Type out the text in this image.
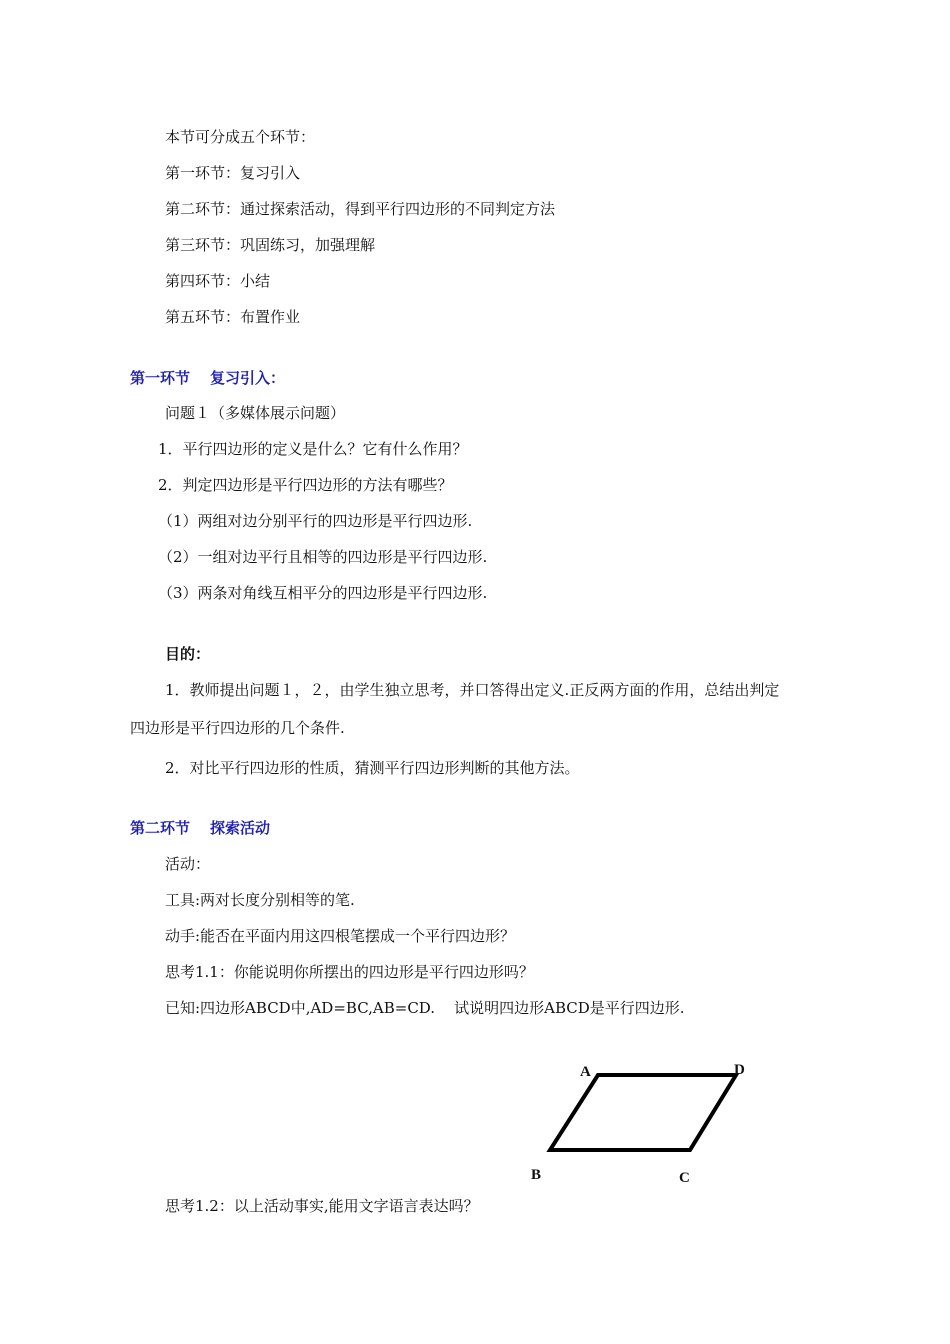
本节可分成五个环节：
第一环节：复习引入
第二环节：通过探索活动，得到平行四边形的不同判定方法
第三环节：巩固练习，加强理解
第四环节：小结
第五环节：布置作业
第一环节 复习引入：
问题１（多媒体展示问题）
1．平行四边形的定义是什么？它有什么作用？
2．判定四边形是平行四边形的方法有哪些？
（1）两组对边分别平行的四边形是平行四边形.
（2）一组对边平行且相等的四边形是平行四边形.
（3）两条对角线互相平分的四边形是平行四边形.
目的：
1．教师提出问题１，２，由学生独立思考，并口答得出定义.正反两方面的作用，总结出判定
四边形是平行四边形的几个条件.
2．对比平行四边形的性质，猜测平行四边形判断的其他方法。
第二环节 探索活动
活动：
工具:两对长度分别相等的笔.
动手:能否在平面内用这四根笔摆成一个平行四边形？
思考1.1：你能说明你所摆出的四边形是平行四边形吗？
已知:四边形ABCD中,AD=BC,AB=CD.    试说明四边形ABCD是平行四边形.
A	D
B	C
思考1.2：以上活动事实,能用文字语言表达吗？
